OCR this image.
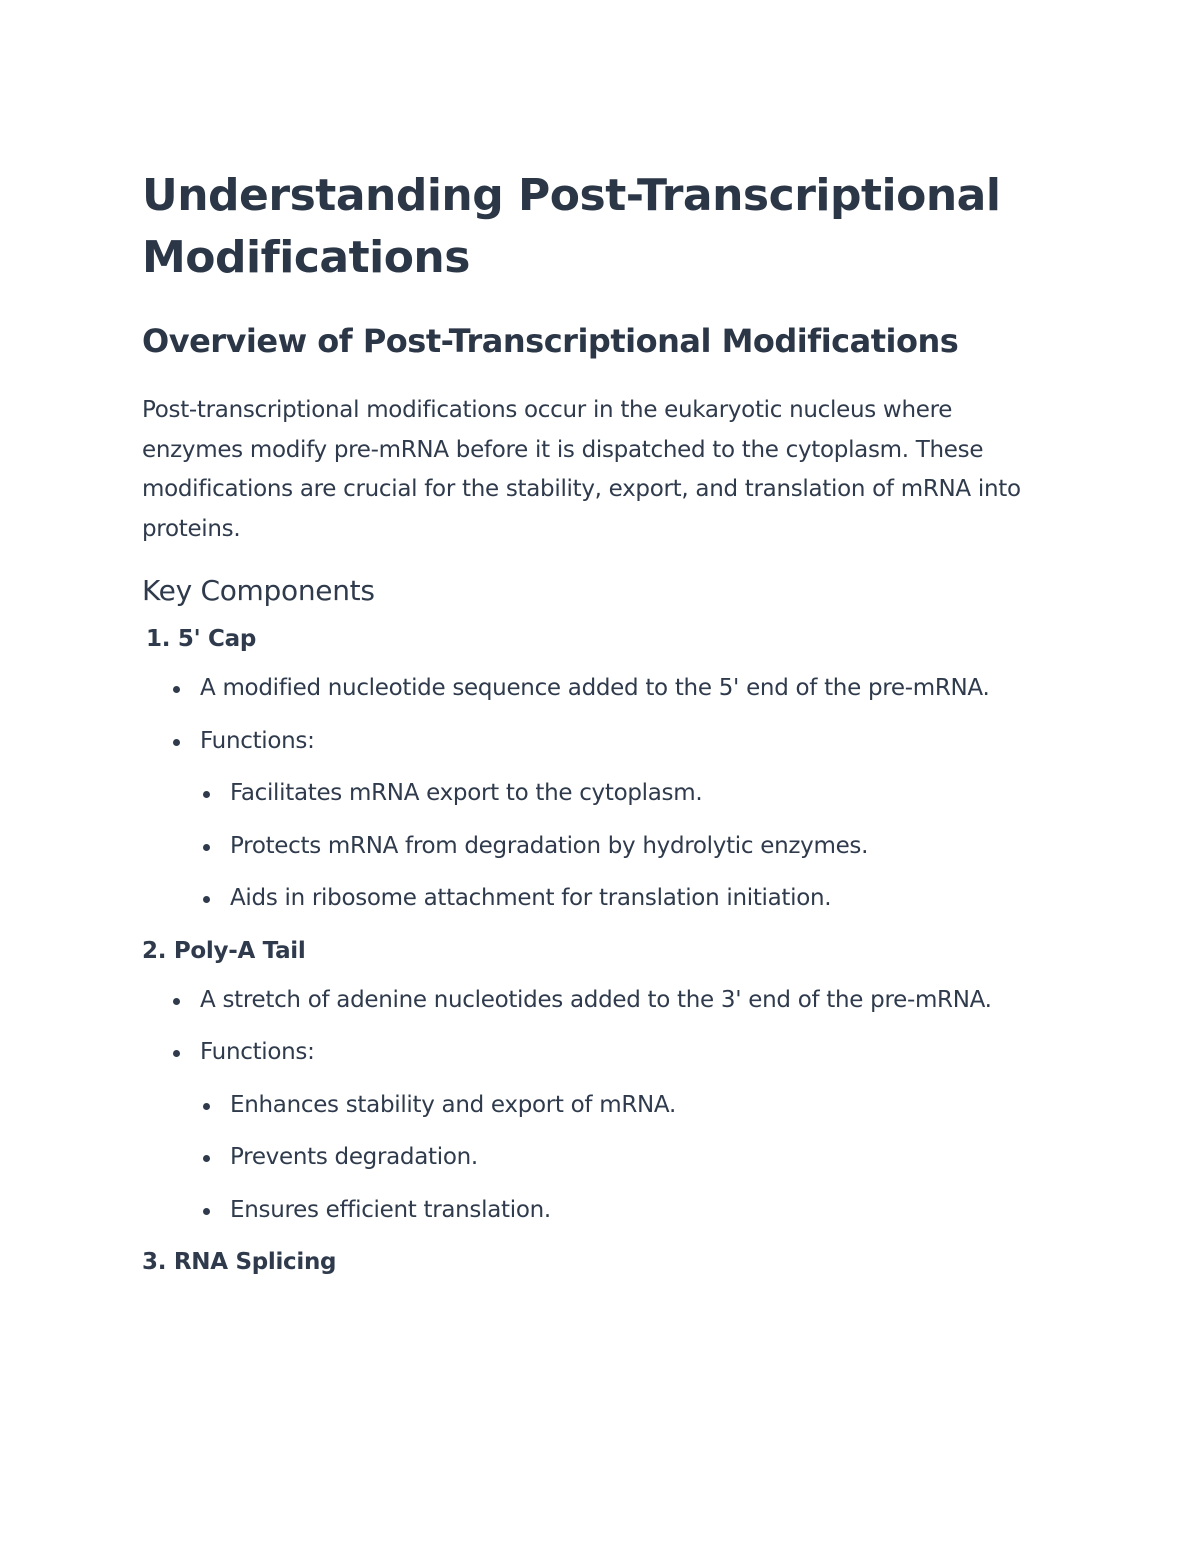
Understanding Post-Transcriptional
Modifications
Overview of Post-Transcriptional Modifications

Post-transcriptional modifications occur in the eukaryotic nucleus where enzymes modify pre-mRNA before it is dispatched to the cytoplasm. These modifications are crucial for the stability, export, and translation of mRNA into proteins.

Key Components

1. 5' Cap

A modified nucleotide sequence added to the 5' end of the pre-mRNA.
Functions:
Facilitates mRNA export to the cytoplasm.
Protects mRNA from degradation by hydrolytic enzymes.
Aids in ribosome attachment for translation initiation.

2. Poly-A Tail

A stretch of adenine nucleotides added to the 3' end of the pre-mRNA.
Functions:
Enhances stability and export of mRNA.
Prevents degradation.
Ensures efficient translation.

3. RNA Splicing
